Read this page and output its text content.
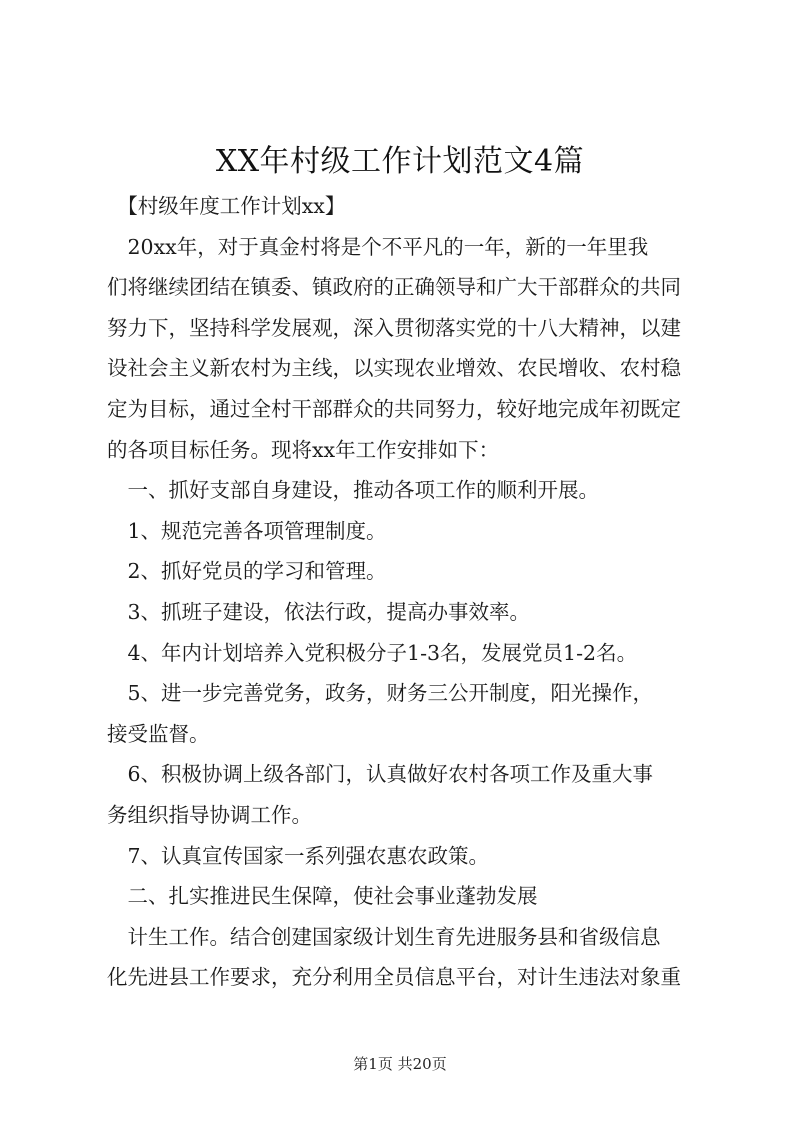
XX年村级工作计划范文4篇

　【村级年度工作计划xx】

　20xx年，对于真金村将是个不平凡的一年，新的一年里我

们将继续团结在镇委、镇政府的正确领导和广大干部群众的共同

努力下，坚持科学发展观，深入贯彻落实党的十八大精神，以建

设社会主义新农村为主线，以实现农业增效、农民增收、农村稳

定为目标，通过全村干部群众的共同努力，较好地完成年初既定

的各项目标任务。现将xx年工作安排如下：

　一、抓好支部自身建设，推动各项工作的顺利开展。

　1、规范完善各项管理制度。

　2、抓好党员的学习和管理。

　3、抓班子建设，依法行政，提高办事效率。

　4、年内计划培养入党积极分子1-3名，发展党员1-2名。

　5、进一步完善党务，政务，财务三公开制度，阳光操作，

接受监督。

　6、积极协调上级各部门，认真做好农村各项工作及重大事

务组织指导协调工作。

　7、认真宣传国家一系列强农惠农政策。

　二、扎实推进民生保障，使社会事业蓬勃发展

　计生工作。结合创建国家级计划生育先进服务县和省级信息

化先进县工作要求，充分利用全员信息平台，对计生违法对象重

第1页 共20页
